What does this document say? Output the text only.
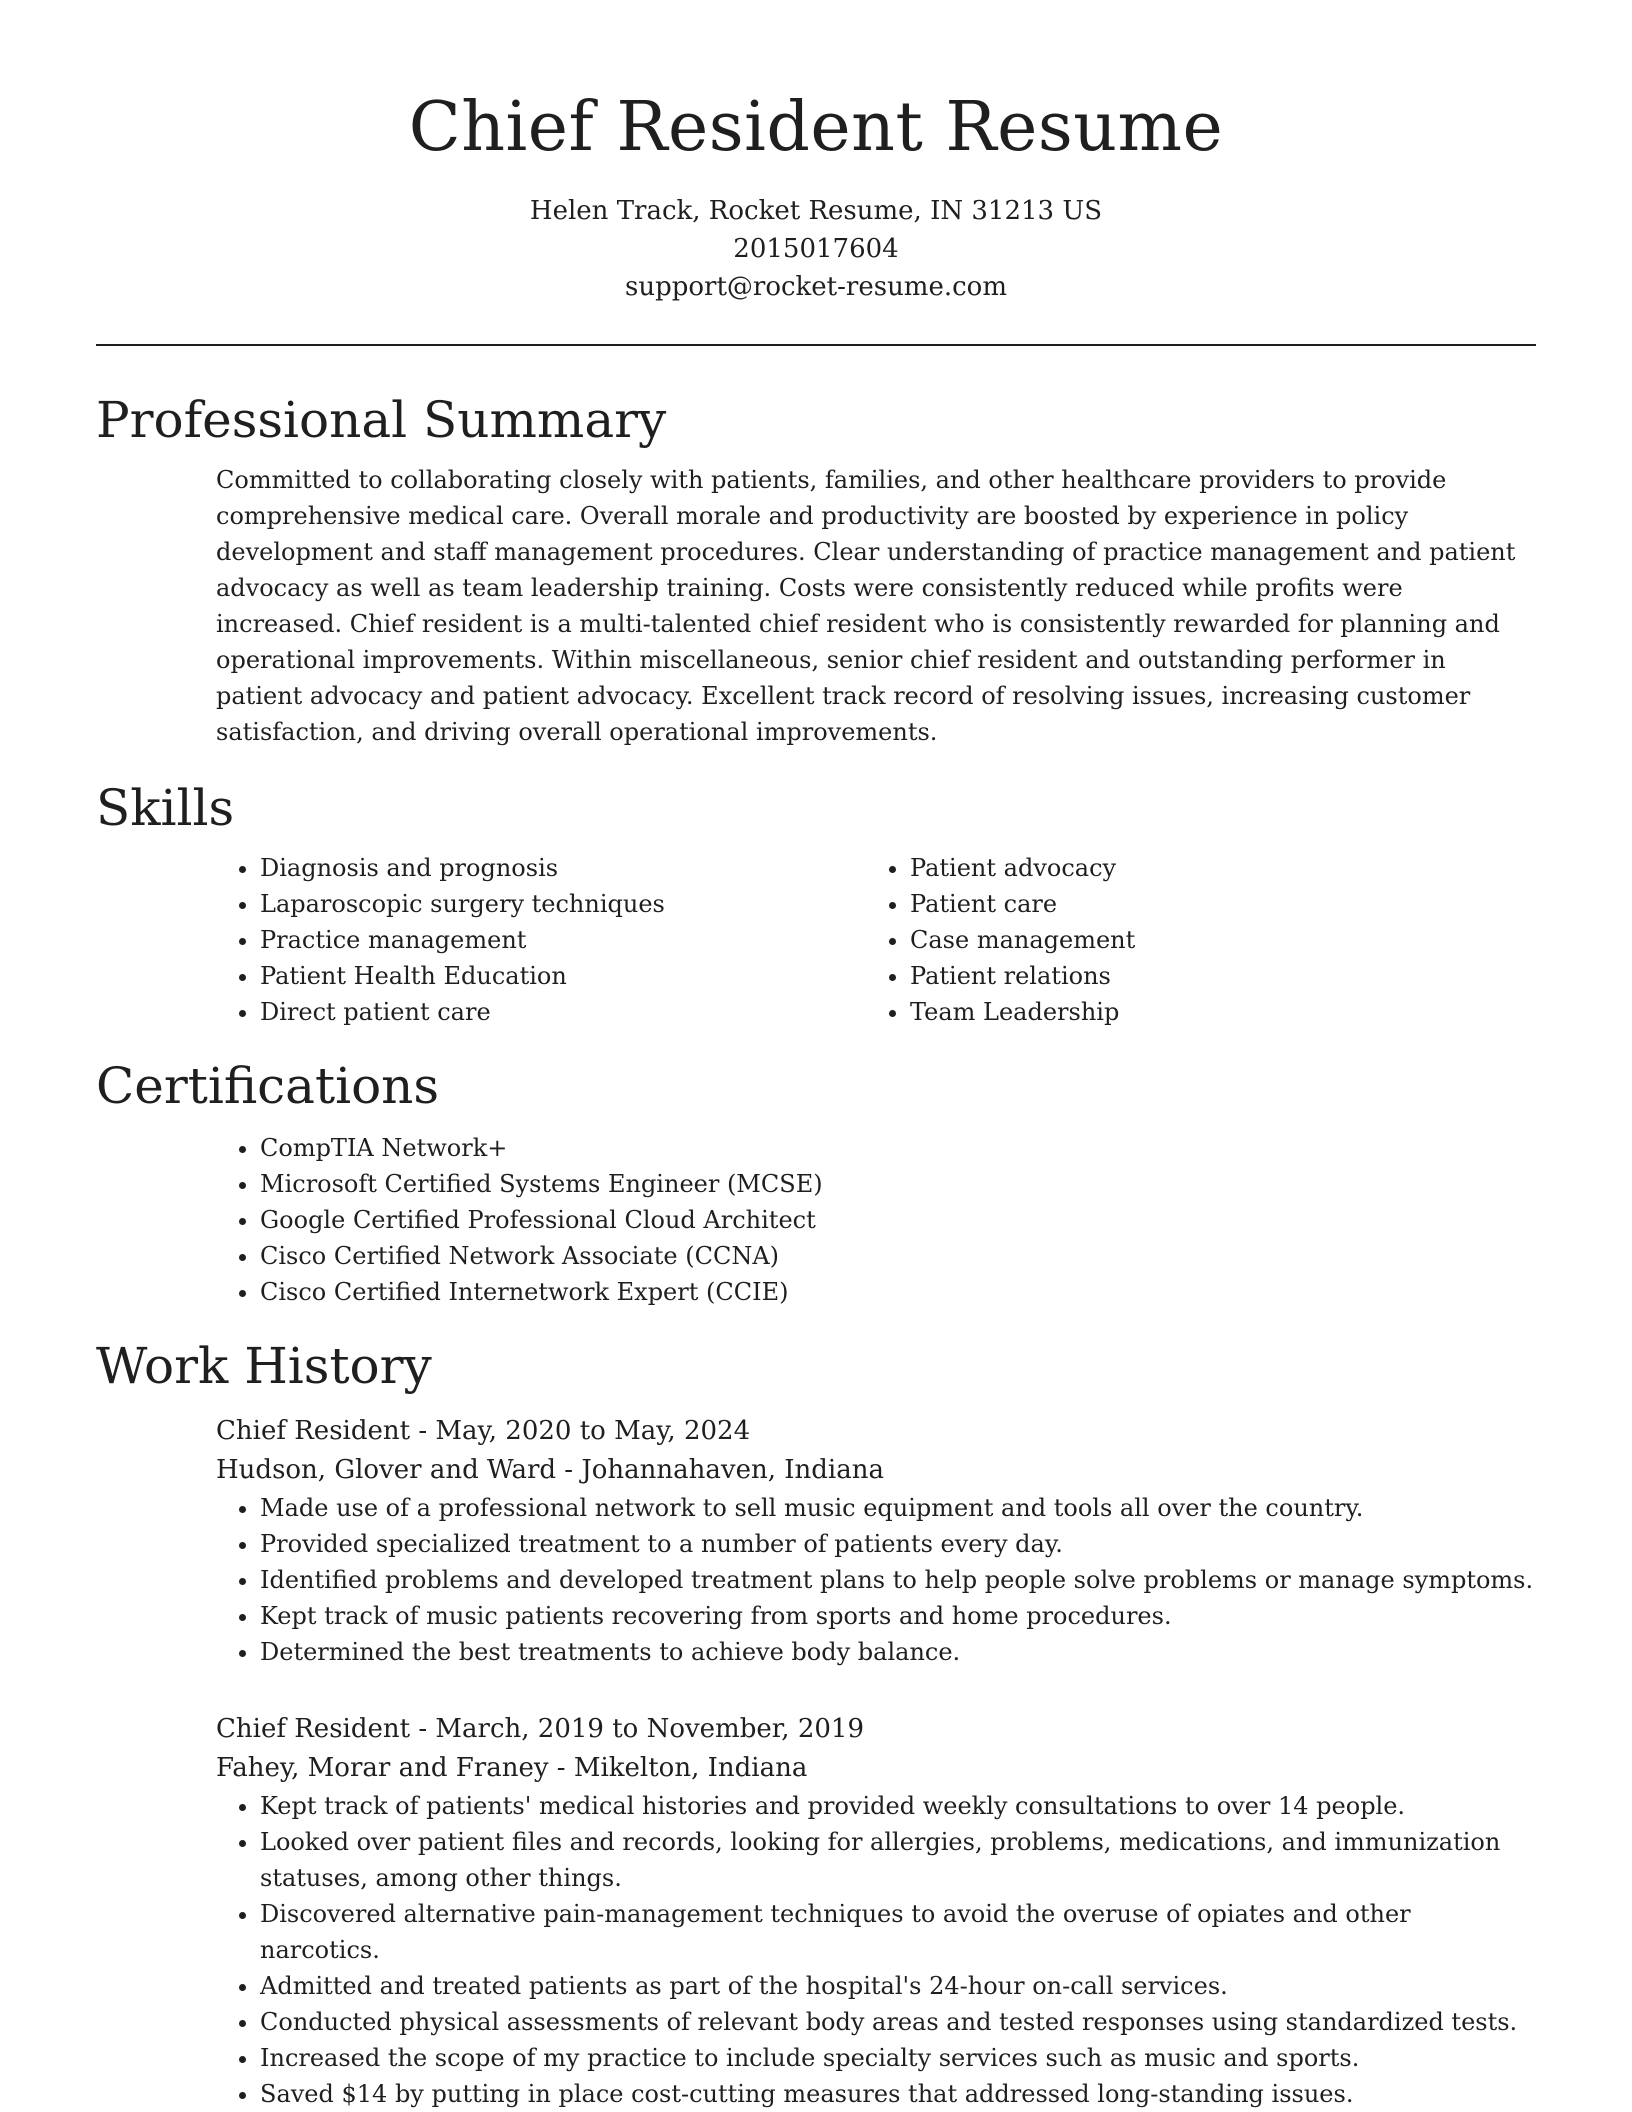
Chief Resident Resume
Helen Track, Rocket Resume, IN 31213 US
2015017604
support@rocket-resume.com
Professional Summary

Committed to collaborating closely with patients, families, and other healthcare providers to provide comprehensive medical care. Overall morale and productivity are boosted by experience in policy development and staff management procedures. Clear understanding of practice management and patient advocacy as well as team leadership training. Costs were consistently reduced while profits were increased. Chief resident is a multi-talented chief resident who is consistently rewarded for planning and operational improvements. Within miscellaneous, senior chief resident and outstanding performer in patient advocacy and patient advocacy. Excellent track record of resolving issues, increasing customer satisfaction, and driving overall operational improvements.

Skills
• Diagnosis and prognosis
• Laparoscopic surgery techniques
• Practice management
• Patient Health Education
• Direct patient care
• Patient advocacy
• Patient care
• Case management
• Patient relations
• Team Leadership
Certifications
• CompTIA Network+
• Microsoft Certified Systems Engineer (MCSE)
• Google Certified Professional Cloud Architect
• Cisco Certified Network Associate (CCNA)
• Cisco Certified Internetwork Expert (CCIE)
Work History
Chief Resident - May, 2020 to May, 2024
Hudson, Glover and Ward - Johannahaven, Indiana
• Made use of a professional network to sell music equipment and tools all over the country.
• Provided specialized treatment to a number of patients every day.
• Identified problems and developed treatment plans to help people solve problems or manage symptoms.
• Kept track of music patients recovering from sports and home procedures.
• Determined the best treatments to achieve body balance.
Chief Resident - March, 2019 to November, 2019
Fahey, Morar and Franey - Mikelton, Indiana
• Kept track of patients' medical histories and provided weekly consultations to over 14 people.
• Looked over patient files and records, looking for allergies, problems, medications, and immunization statuses, among other things.
• Discovered alternative pain-management techniques to avoid the overuse of opiates and other narcotics.
• Admitted and treated patients as part of the hospital's 24-hour on-call services.
• Conducted physical assessments of relevant body areas and tested responses using standardized tests.
• Increased the scope of my practice to include specialty services such as music and sports.
• Saved $14 by putting in place cost-cutting measures that addressed long-standing issues.
